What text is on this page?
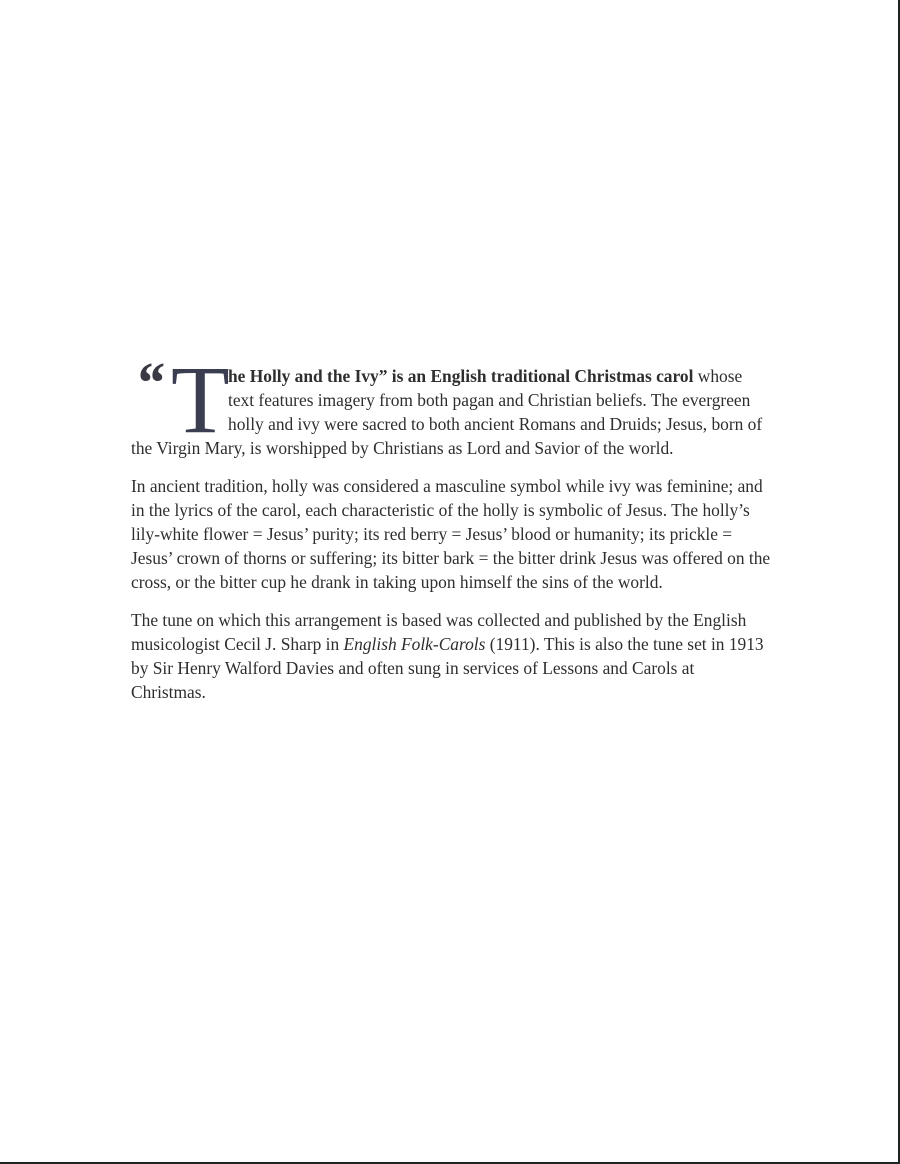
“ T
he Holly and the Ivy” is an English traditional Christmas carol whose text features imagery from both pagan and Christian beliefs. The evergreen holly and ivy were sacred to both ancient Romans and Druids; Jesus, born of the Virgin Mary, is worshipped by Christians as Lord and Savior of the world.

In ancient tradition, holly was considered a masculine symbol while ivy was feminine; and in the lyrics of the carol, each characteristic of the holly is symbolic of Jesus. The holly’s lily-white flower = Jesus’ purity; its red berry = Jesus’ blood or humanity; its prickle = Jesus’ crown of thorns or suffering; its bitter bark = the bitter drink Jesus was offered on the cross, or the bitter cup he drank in taking upon himself the sins of the world.

The tune on which this arrangement is based was collected and published by the English musicologist Cecil J. Sharp in English Folk-Carols (1911). This is also the tune set in 1913 by Sir Henry Walford Davies and often sung in services of Lessons and Carols at Christmas.
